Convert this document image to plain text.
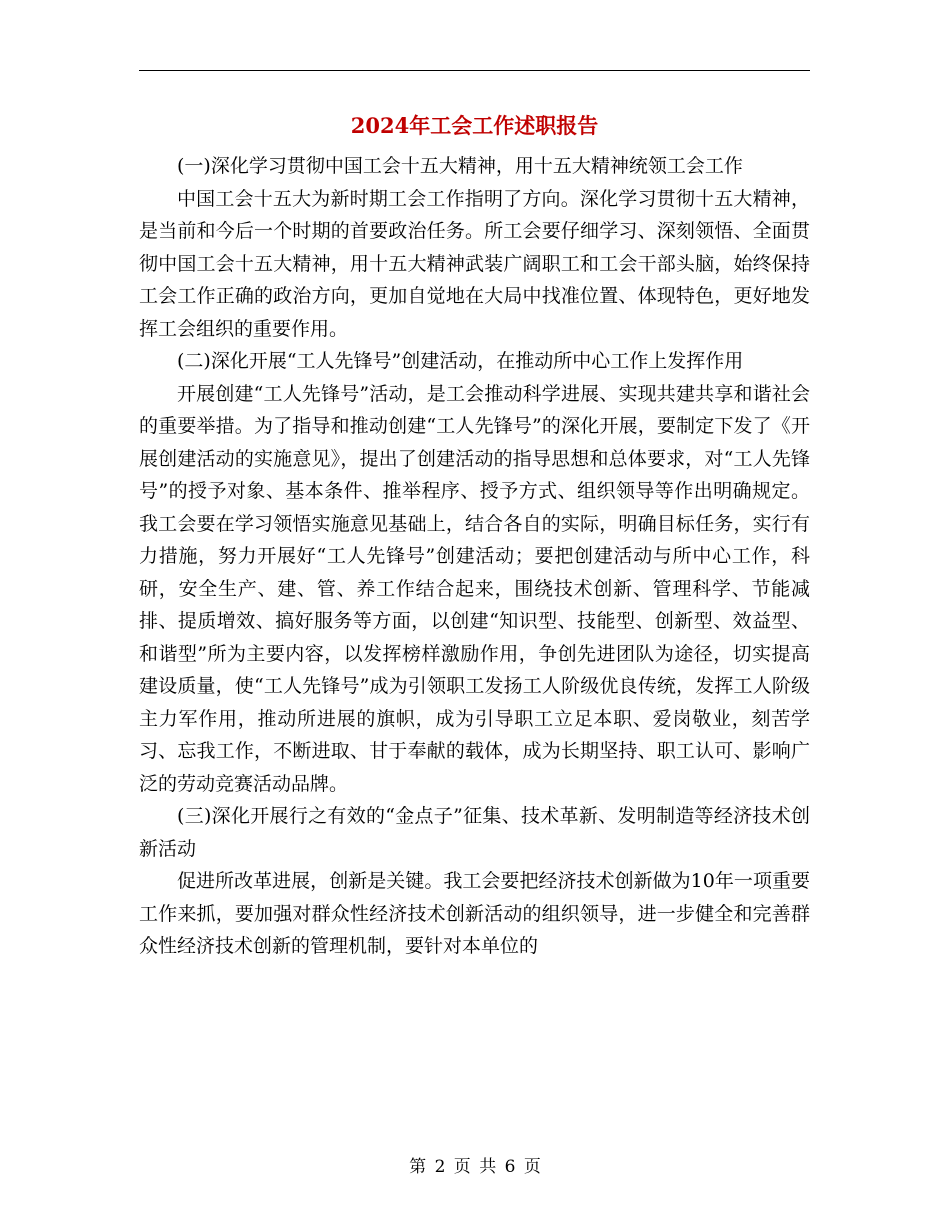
2024年工会工作述职报告

(一)深化学习贯彻中国工会十五大精神，用十五大精神统领工会工作

中国工会十五大为新时期工会工作指明了方向。深化学习贯彻十五大精神，是当前和今后一个时期的首要政治任务。所工会要仔细学习、深刻领悟、全面贯彻中国工会十五大精神，用十五大精神武装广阔职工和工会干部头脑，始终保持工会工作正确的政治方向，更加自觉地在大局中找准位置、体现特色，更好地发挥工会组织的重要作用。

(二)深化开展“工人先锋号”创建活动，在推动所中心工作上发挥作用

开展创建“工人先锋号”活动，是工会推动科学进展、实现共建共享和谐社会的重要举措。为了指导和推动创建“工人先锋号”的深化开展，要制定下发了《开展创建活动的实施意见》，提出了创建活动的指导思想和总体要求，对“工人先锋号”的授予对象、基本条件、推举程序、授予方式、组织领导等作出明确规定。我工会要在学习领悟实施意见基础上，结合各自的实际，明确目标任务，实行有力措施，努力开展好“工人先锋号”创建活动；要把创建活动与所中心工作，科研，安全生产、建、管、养工作结合起来，围绕技术创新、管理科学、节能减排、提质增效、搞好服务等方面，以创建“知识型、技能型、创新型、效益型、和谐型”所为主要内容，以发挥榜样激励作用，争创先进团队为途径，切实提高建设质量，使“工人先锋号”成为引领职工发扬工人阶级优良传统，发挥工人阶级主力军作用，推动所进展的旗帜，成为引导职工立足本职、爱岗敬业，刻苦学习、忘我工作，不断进取、甘于奉献的载体，成为长期坚持、职工认可、影响广泛的劳动竞赛活动品牌。

(三)深化开展行之有效的“金点子”征集、技术革新、发明制造等经济技术创新活动

促进所改革进展，创新是关键。我工会要把经济技术创新做为10年一项重要工作来抓，要加强对群众性经济技术创新活动的组织领导，进一步健全和完善群众性经济技术创新的管理机制，要针对本单位的

第 2 页 共 6 页
